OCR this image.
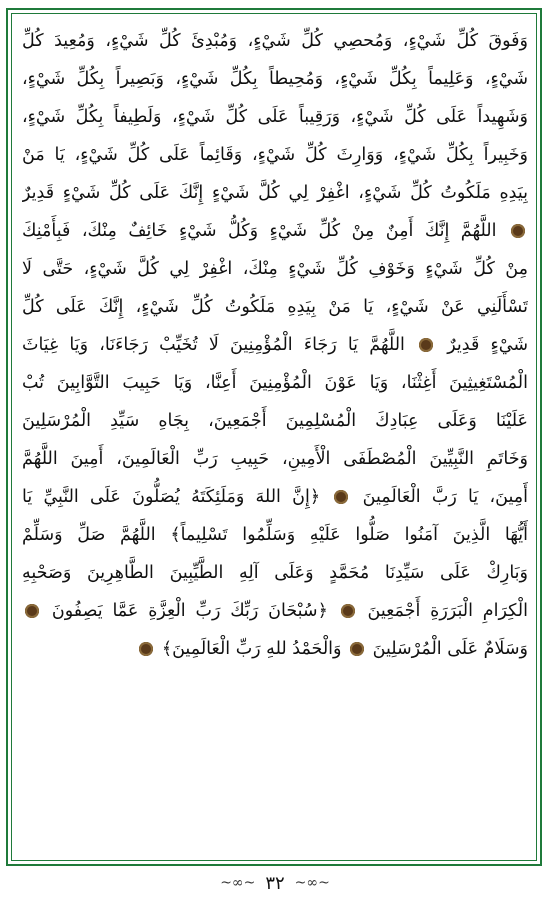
وَفَوقَ كُلِّ شَيْءٍ، وَمُحصِي كُلِّ شَيْءٍ، وَمُبْدِئَ كُلِّ شَيْءٍ، وَمُعِيدَ كُلِّ
شَيْءٍ، وَعَلِيماً بِكُلِّ شَيْءٍ، وَمُحِيطاً بِكُلِّ شَيْءٍ، وَبَصِيراً بِكُلِّ شَيْءٍ،
وَشَهِيداً عَلَى كُلِّ شَيْءٍ، وَرَقِيباً عَلَى كُلِّ شَيْءٍ، وَلَطِيفاً بِكُلِّ شَيْءٍ،
وَخَبِيراً بِكُلِّ شَيْءٍ، وَوَارِثَ كُلِّ شَيْءٍ، وَقَائِماً عَلَى كُلِّ شَيْءٍ، يَا مَنْ
بِيَدِهِ مَلَكُوتُ كُلِّ شَيْءٍ، اغْفِرْ لِي كُلَّ شَيْءٍ إِنَّكَ عَلَى كُلِّ شَيْءٍ قَدِيرٌ
اللَّهُمَّ إِنَّكَ أَمِنٌ مِنْ كُلِّ شَيْءٍ وَكُلُّ شَيْءٍ خَائِفٌ مِنْكَ، فَبِأَمْنِكَ
مِنْ كُلِّ شَيْءٍ وَخَوْفِ كُلِّ شَيْءٍ مِنْكَ، اغْفِرْ لِي كُلَّ شَيْءٍ، حَتَّى لَا
تَسْأَلَنِي عَنْ شَيْءٍ، يَا مَنْ بِيَدِهِ مَلَكُوتُ كُلِّ شَيْءٍ، إِنَّكَ عَلَى كُلِّ
شَيْءٍ قَدِيرٌ  اللَّهُمَّ يَا رَجَاءَ الْمُؤْمِنِينَ لَا تُخَيِّبْ رَجَاءَنَا، وَيَا غِيَاثَ
الْمُسْتَغِيثِينَ أَغِثْنَا، وَيَا عَوْنَ الْمُؤْمِنِينَ أَعِنَّا، وَيَا حَبِيبَ التَّوَّابِينَ تُبْ
عَلَيْنَا وَعَلَى عِبَادِكَ الْمُسْلِمِينَ أَجْمَعِينَ، بِجَاهِ سَيِّدِ الْمُرْسَلِينَ
وَخَاتَمِ النَّبِيِّينَ الْمُصْطَفَى الْأَمِينِ، حَبِيبِ رَبِّ الْعَالَمِينَ، أَمِينَ اللَّهُمَّ
أَمِينَ، يَا رَبَّ الْعَالَمِينَ  ﴿إِنَّ اللهَ وَمَلَئِكَتَهُ يُصَلُّونَ عَلَى النَّبِيِّ يَا
أَيُّهَا الَّذِينَ آمَنُوا صَلُّوا عَلَيْهِ وَسَلِّمُوا تَسْلِيماً﴾ اللَّهُمَّ صَلِّ وَسَلِّمْ
وَبَارِكْ عَلَى سَيِّدِنَا مُحَمَّدٍ وَعَلَى آلِهِ الطَّيِّبِينَ الطَّاهِرِينَ وَصَحْبِهِ
الْكِرَامِ الْبَرَرَةِ أَجْمَعِينَ  ﴿سُبْحَانَ رَبِّكَ رَبِّ الْعِزَّةِ عَمَّا يَصِفُونَ
وَسَلَامٌ عَلَى الْمُرْسَلِينَ  وَالْحَمْدُ للهِ رَبِّ الْعَالَمِينَ﴾
~∞~ ٣٢ ~∞~
